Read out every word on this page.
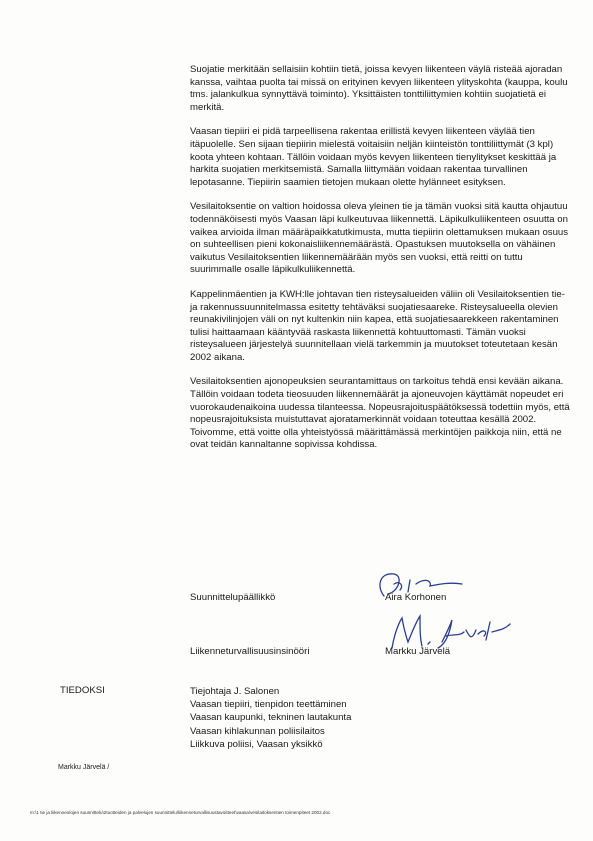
Suojatie merkitään sellaisiin kohtiin tietä, joissa kevyen liikenteen väylä risteää ajoradan kanssa, vaihtaa puolta tai missä on erityinen kevyen liikenteen ylityskohta (kauppa, koulu tms. jalankulkua synnyttävä toiminto). Yksittäisten tonttiliittymien kohtiin suojatietä ei merkitä.

Vaasan tiepiiri ei pidä tarpeellisena rakentaa erillistä kevyen liikenteen väylää tien itäpuolelle. Sen sijaan tiepiirin mielestä voitaisiin neljän kiinteistön tonttiliittymät (3 kpl) koota yhteen kohtaan. Tällöin voidaan myös kevyen liikenteen tienylitykset keskittää ja harkita suojatien merkitsemistä. Samalla liittymään voidaan rakentaa turvallinen lepotasanne. Tiepiirin saamien tietojen mukaan olette hylänneet esityksen.

Vesilaitoksentie on valtion hoidossa oleva yleinen tie ja tämän vuoksi sitä kautta ohjautuu todennäköisesti myös Vaasan läpi kulkeutuvaa liikennettä. Läpikulkuliikenteen osuutta on vaikea arvioida ilman määräpaikkatutkimusta, mutta tiepiirin olettamuksen mukaan osuus on suhteellisen pieni kokonaisliikennemäärästä. Opastuksen muutoksella on vähäinen vaikutus Vesilaitoksentien liikennemäärään myös sen vuoksi, että reitti on tuttu suurimmalle osalle läpikulkuliikennettä.

Kappelinmäentien ja KWH:lle johtavan tien risteysalueiden väliin oli Vesilaitoksentien tie- ja rakennussuunnitelmassa esitetty tehtäväksi suojatiesaareke. Risteysalueella olevien reunakivilinjojen väli on nyt kultenkin niin kapea, että suojatiesaarekkeen rakentaminen tulisi haittaamaan kääntyvää raskasta liikennettä kohtuuttomasti. Tämän vuoksi risteysalueen järjestelyä suunnitellaan vielä tarkemmin ja muutokset toteutetaan kesän 2002 aikana.

Vesilaitoksentien ajonopeuksien seurantamittaus on tarkoitus tehdä ensi kevään aikana. Tällöin voidaan todeta tieosuuden liikennemäärät ja ajoneuvojen käyttämät nopeudet eri vuorokaudenaikoina uudessa tilanteessa. Nopeusrajoituspäätöksessä todettiin myös, että nopeusrajoituksista muistuttavat ajoratamerkinnät voidaan toteuttaa kesällä 2002. Toivomme, että voitte olla yhteistyössä määrittämässä merkintöjen paikkoja niin, että ne ovat teidän kannaltanne sopivissa kohdissa.

Suunnittelupäällikkö	Aira Korhonen
Liikenneturvallisuusinsinööri	Markku Järvelä
TIEDOKSI	Tiejohtaja J. Salonen
Vaasan tiepiiri, tienpidon teettäminen
Vaasan kaupunki, tekninen lautakunta
Vaasan kihlakunnan poliisilaitos
Liikkuva poliisi, Vaasan yksikkö
Markku Järvelä /
m:\1 tie ja liikenneolojen suunnittelu\2tuotteiden ja palvelujen suunnittelu\liikenneturvallisuustavoitteet\vaasa\vesilaitoksentien toimenpiteet 2002.doc
